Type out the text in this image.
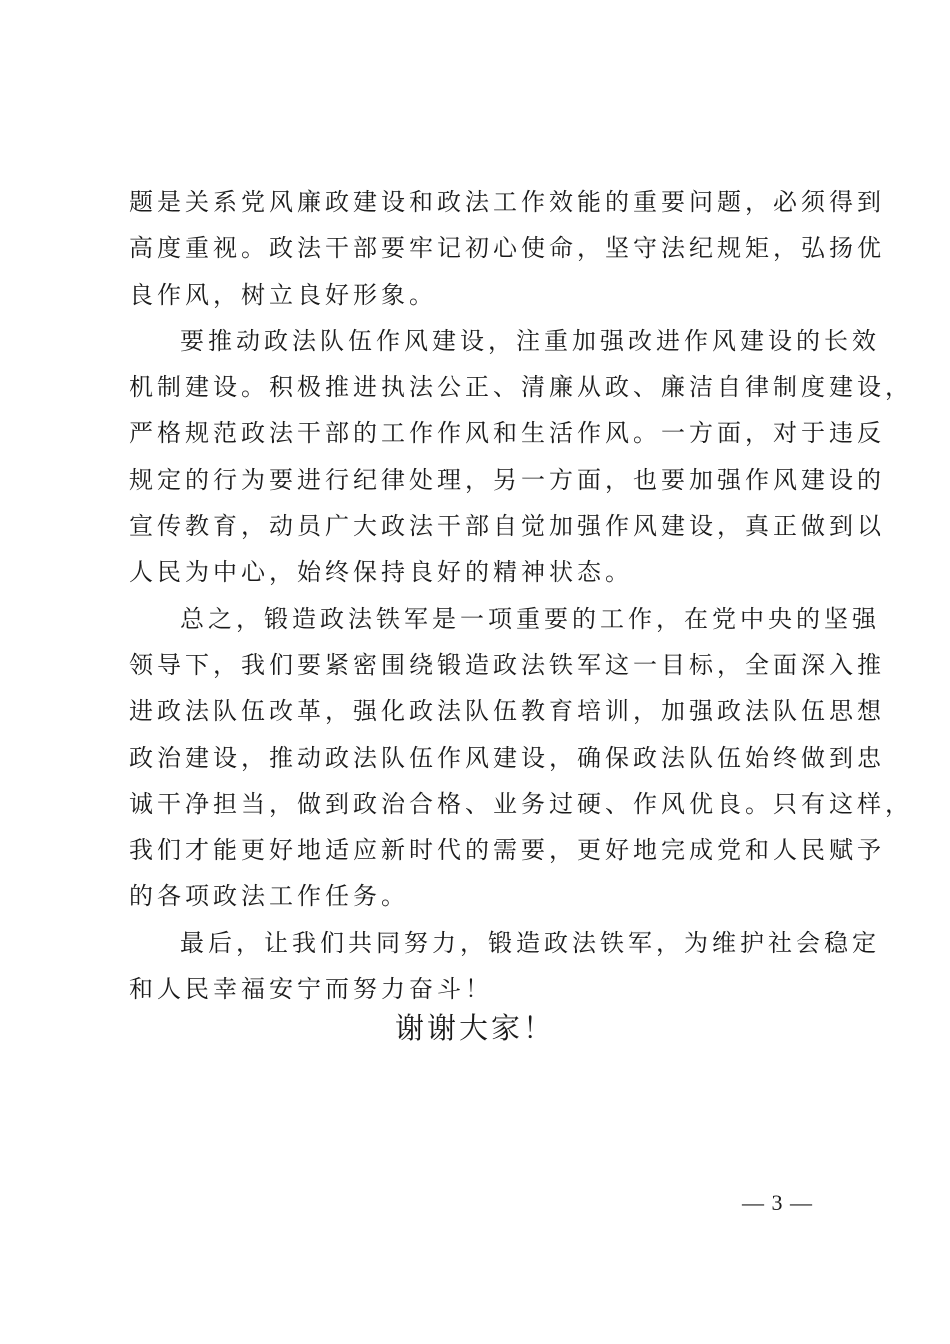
题是关系党风廉政建设和政法工作效能的重要问题，必须得到
高度重视。政法干部要牢记初心使命，坚守法纪规矩，弘扬优
良作风，树立良好形象。
要推动政法队伍作风建设，注重加强改进作风建设的长效
机制建设。积极推进执法公正、清廉从政、廉洁自律制度建设，
严格规范政法干部的工作作风和生活作风。一方面，对于违反
规定的行为要进行纪律处理，另一方面，也要加强作风建设的
宣传教育，动员广大政法干部自觉加强作风建设，真正做到以
人民为中心，始终保持良好的精神状态。
总之，锻造政法铁军是一项重要的工作，在党中央的坚强
领导下，我们要紧密围绕锻造政法铁军这一目标，全面深入推
进政法队伍改革，强化政法队伍教育培训，加强政法队伍思想
政治建设，推动政法队伍作风建设，确保政法队伍始终做到忠
诚干净担当，做到政治合格、业务过硬、作风优良。只有这样，
我们才能更好地适应新时代的需要，更好地完成党和人民赋予
的各项政法工作任务。
最后，让我们共同努力，锻造政法铁军，为维护社会稳定
和人民幸福安宁而努力奋斗！
谢谢大家！
— 3 —
